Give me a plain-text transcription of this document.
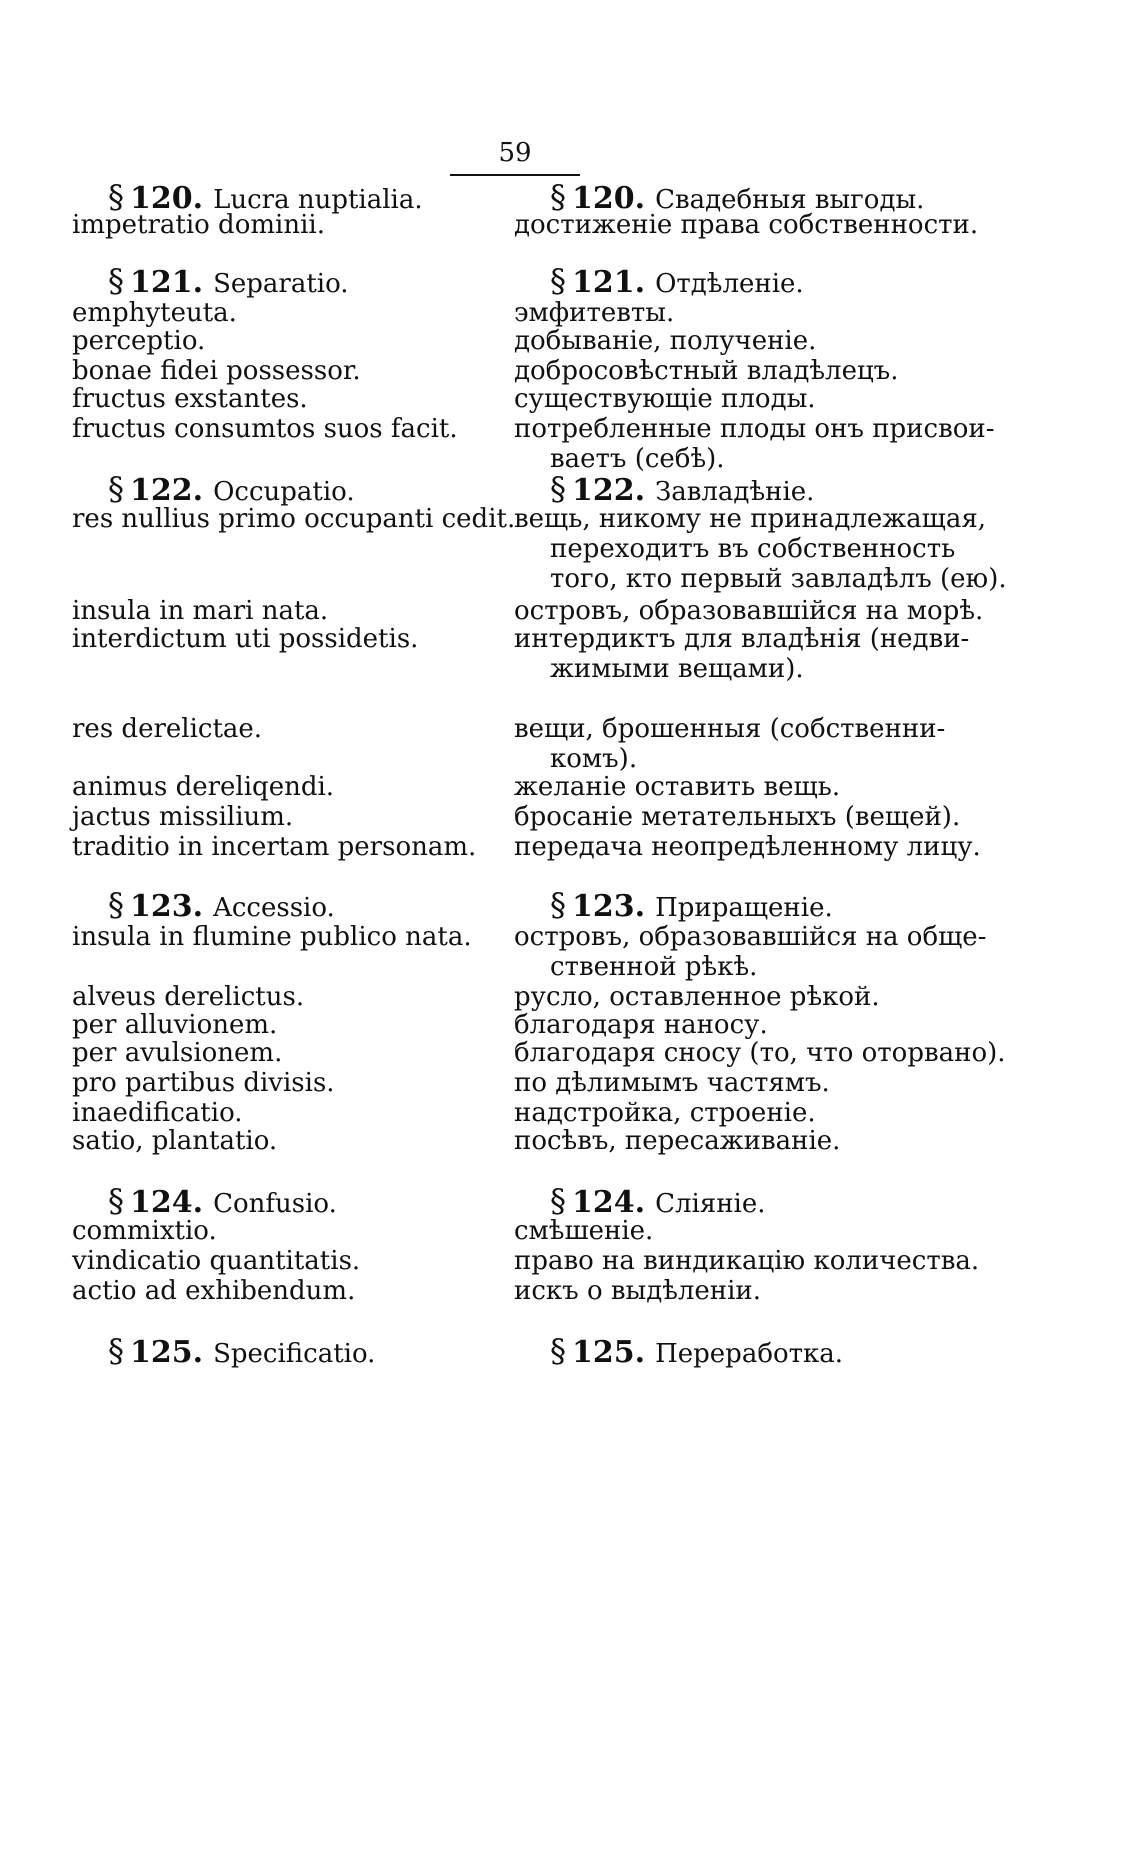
59
§ 120. Lucra nuptialia.
impetratio dominii.
§ 121. Separatio.
emphyteuta.
perceptio.
bonae fidei possessor.
fructus exstantes.
fructus consumtos suos facit.
§ 122. Occupatio.
res nullius primo occupanti cedit.
insula in mari nata.
interdictum uti possidetis.
res derelictae.
animus dereliqendi.
jactus missilium.
traditio in incertam personam.
§ 123. Accessio.
insula in flumine publico nata.
alveus derelictus.
per alluvionem.
per avulsionem.
pro partibus divisis.
inaedificatio.
satio, plantatio.
§ 124. Confusio.
commixtio.
vindicatio quantitatis.
actio ad exhibendum.
§ 125. Specificatio.
§ 120. Свадебныя выгоды.
достиженіе права собственности.
§ 121. Отдѣленіе.
эмфитевты.
добываніе, полученіе.
добросовѣстный владѣлецъ.
существующіе плоды.
потребленные плоды онъ присвои-
ваетъ (себѣ).
§ 122. Завладѣніе.
вещь, никому не принадлежащая,
переходитъ въ собственность
того, кто первый завладѣлъ (ею).
островъ, образовавшійся на морѣ.
интердиктъ для владѣнія (недви-
жимыми вещами).
вещи, брошенныя (собственни-
комъ).
желаніе оставить вещь.
бросаніе метательныхъ (вещей).
передача неопредѣленному лицу.
§ 123. Приращеніе.
островъ, образовавшійся на обще-
ственной рѣкѣ.
русло, оставленное рѣкой.
благодаря наносу.
благодаря сносу (то, что оторвано).
по дѣлимымъ частямъ.
надстройка, строеніе.
посѣвъ, пересаживаніе.
§ 124. Сліяніе.
смѣшеніе.
право на виндикацію количества.
искъ о выдѣленіи.
§ 125. Переработка.
